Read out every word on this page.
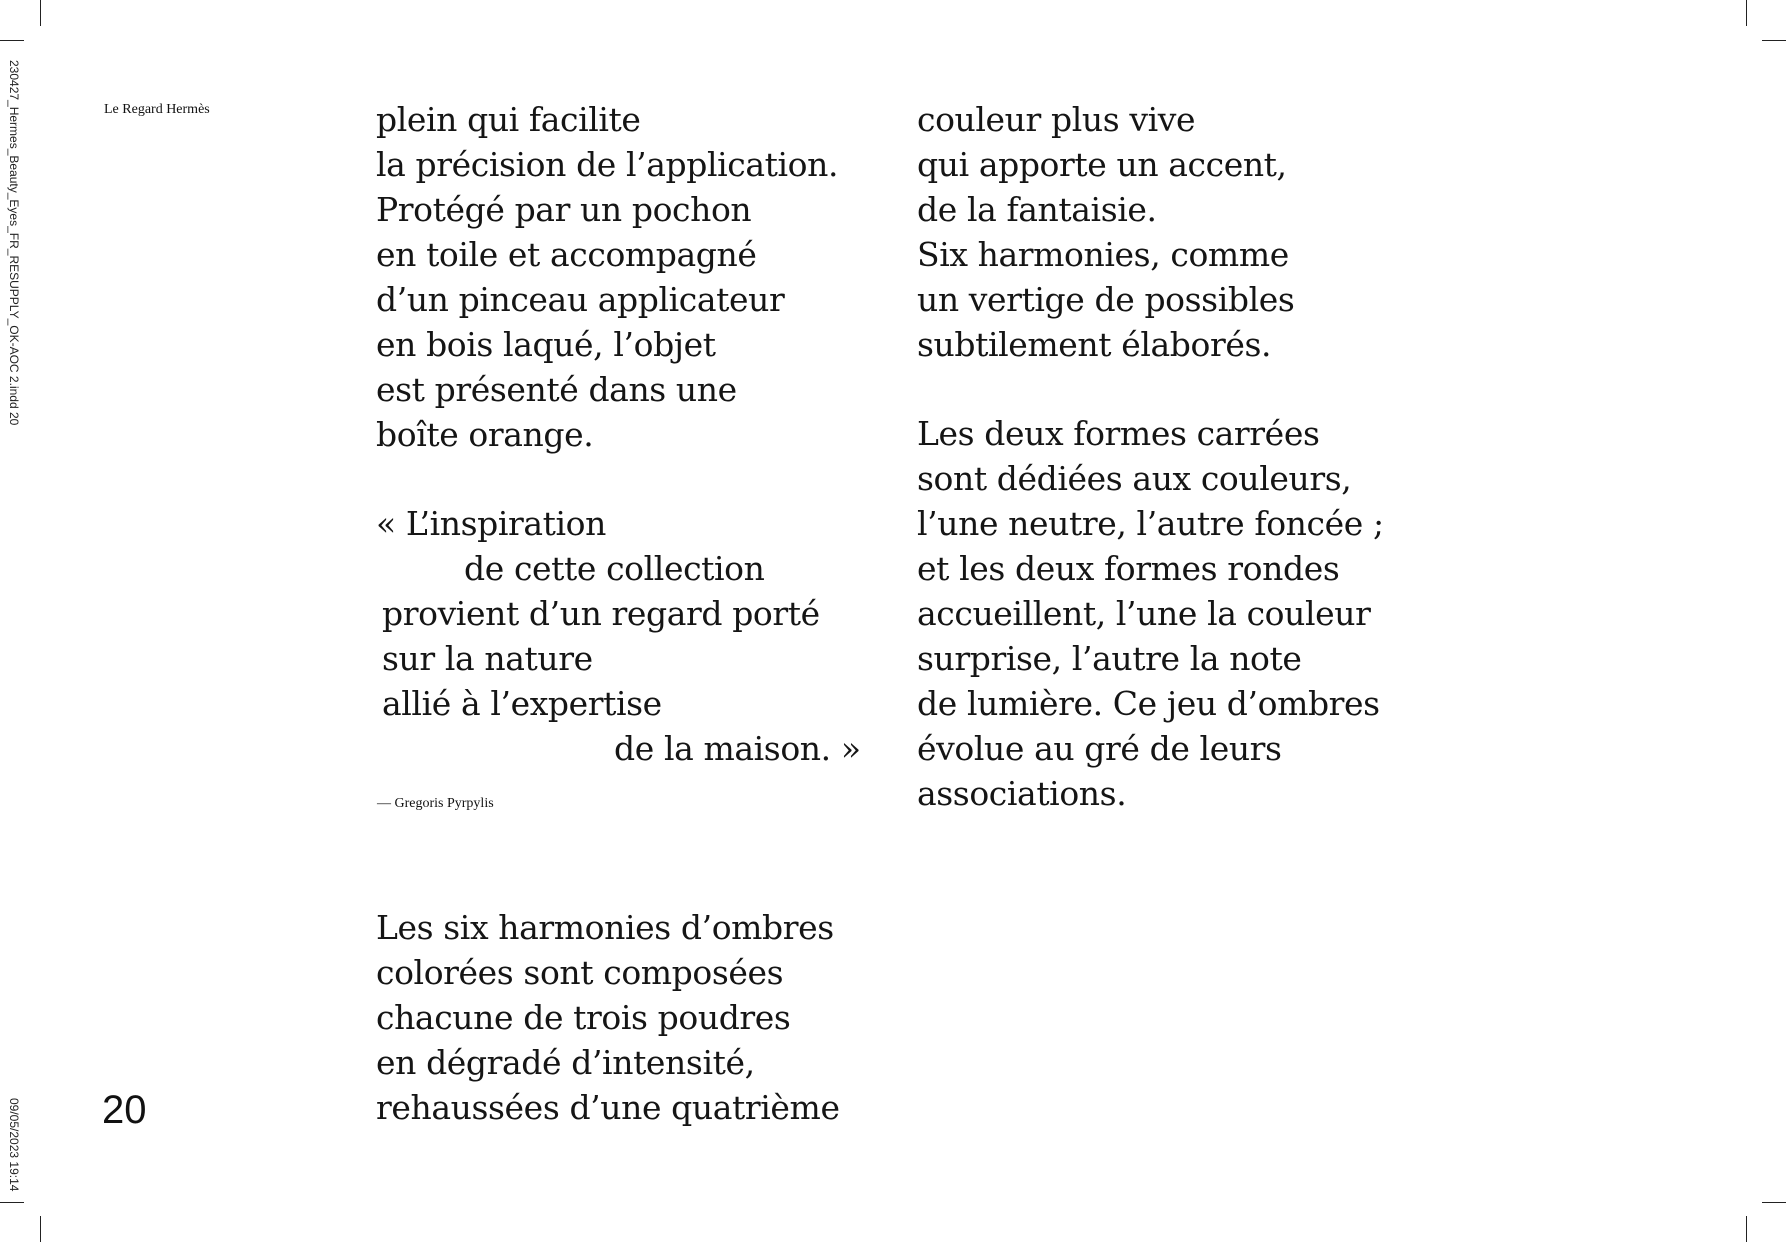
230427_Hermes_Beauty_Eyes_FR_RESUPPLY_OK-AOC 2.indd 20
09/05/2023 19:14
Le Regard Hermès
20
plein qui facilite
la précision de l’application.
Protégé par un pochon
en toile et accompagné
d’un pinceau applicateur
en bois laqué, l’objet
est présenté dans une
boîte orange.
« L’inspiration
de cette collection
provient d’un regard porté
sur la nature
allié à l’expertise
de la maison. »
— Gregoris Pyrpylis
Les six harmonies d’ombres
colorées sont composées
chacune de trois poudres
en dégradé d’intensité,
rehaussées d’une quatrième
couleur plus vive
qui apporte un accent,
de la fantaisie.
Six harmonies, comme
un vertige de possibles
subtilement élaborés.
Les deux formes carrées
sont dédiées aux couleurs,
l’une neutre, l’autre foncée ;
et les deux formes rondes
accueillent, l’une la couleur
surprise, l’autre la note
de lumière. Ce jeu d’ombres
évolue au gré de leurs
associations.
